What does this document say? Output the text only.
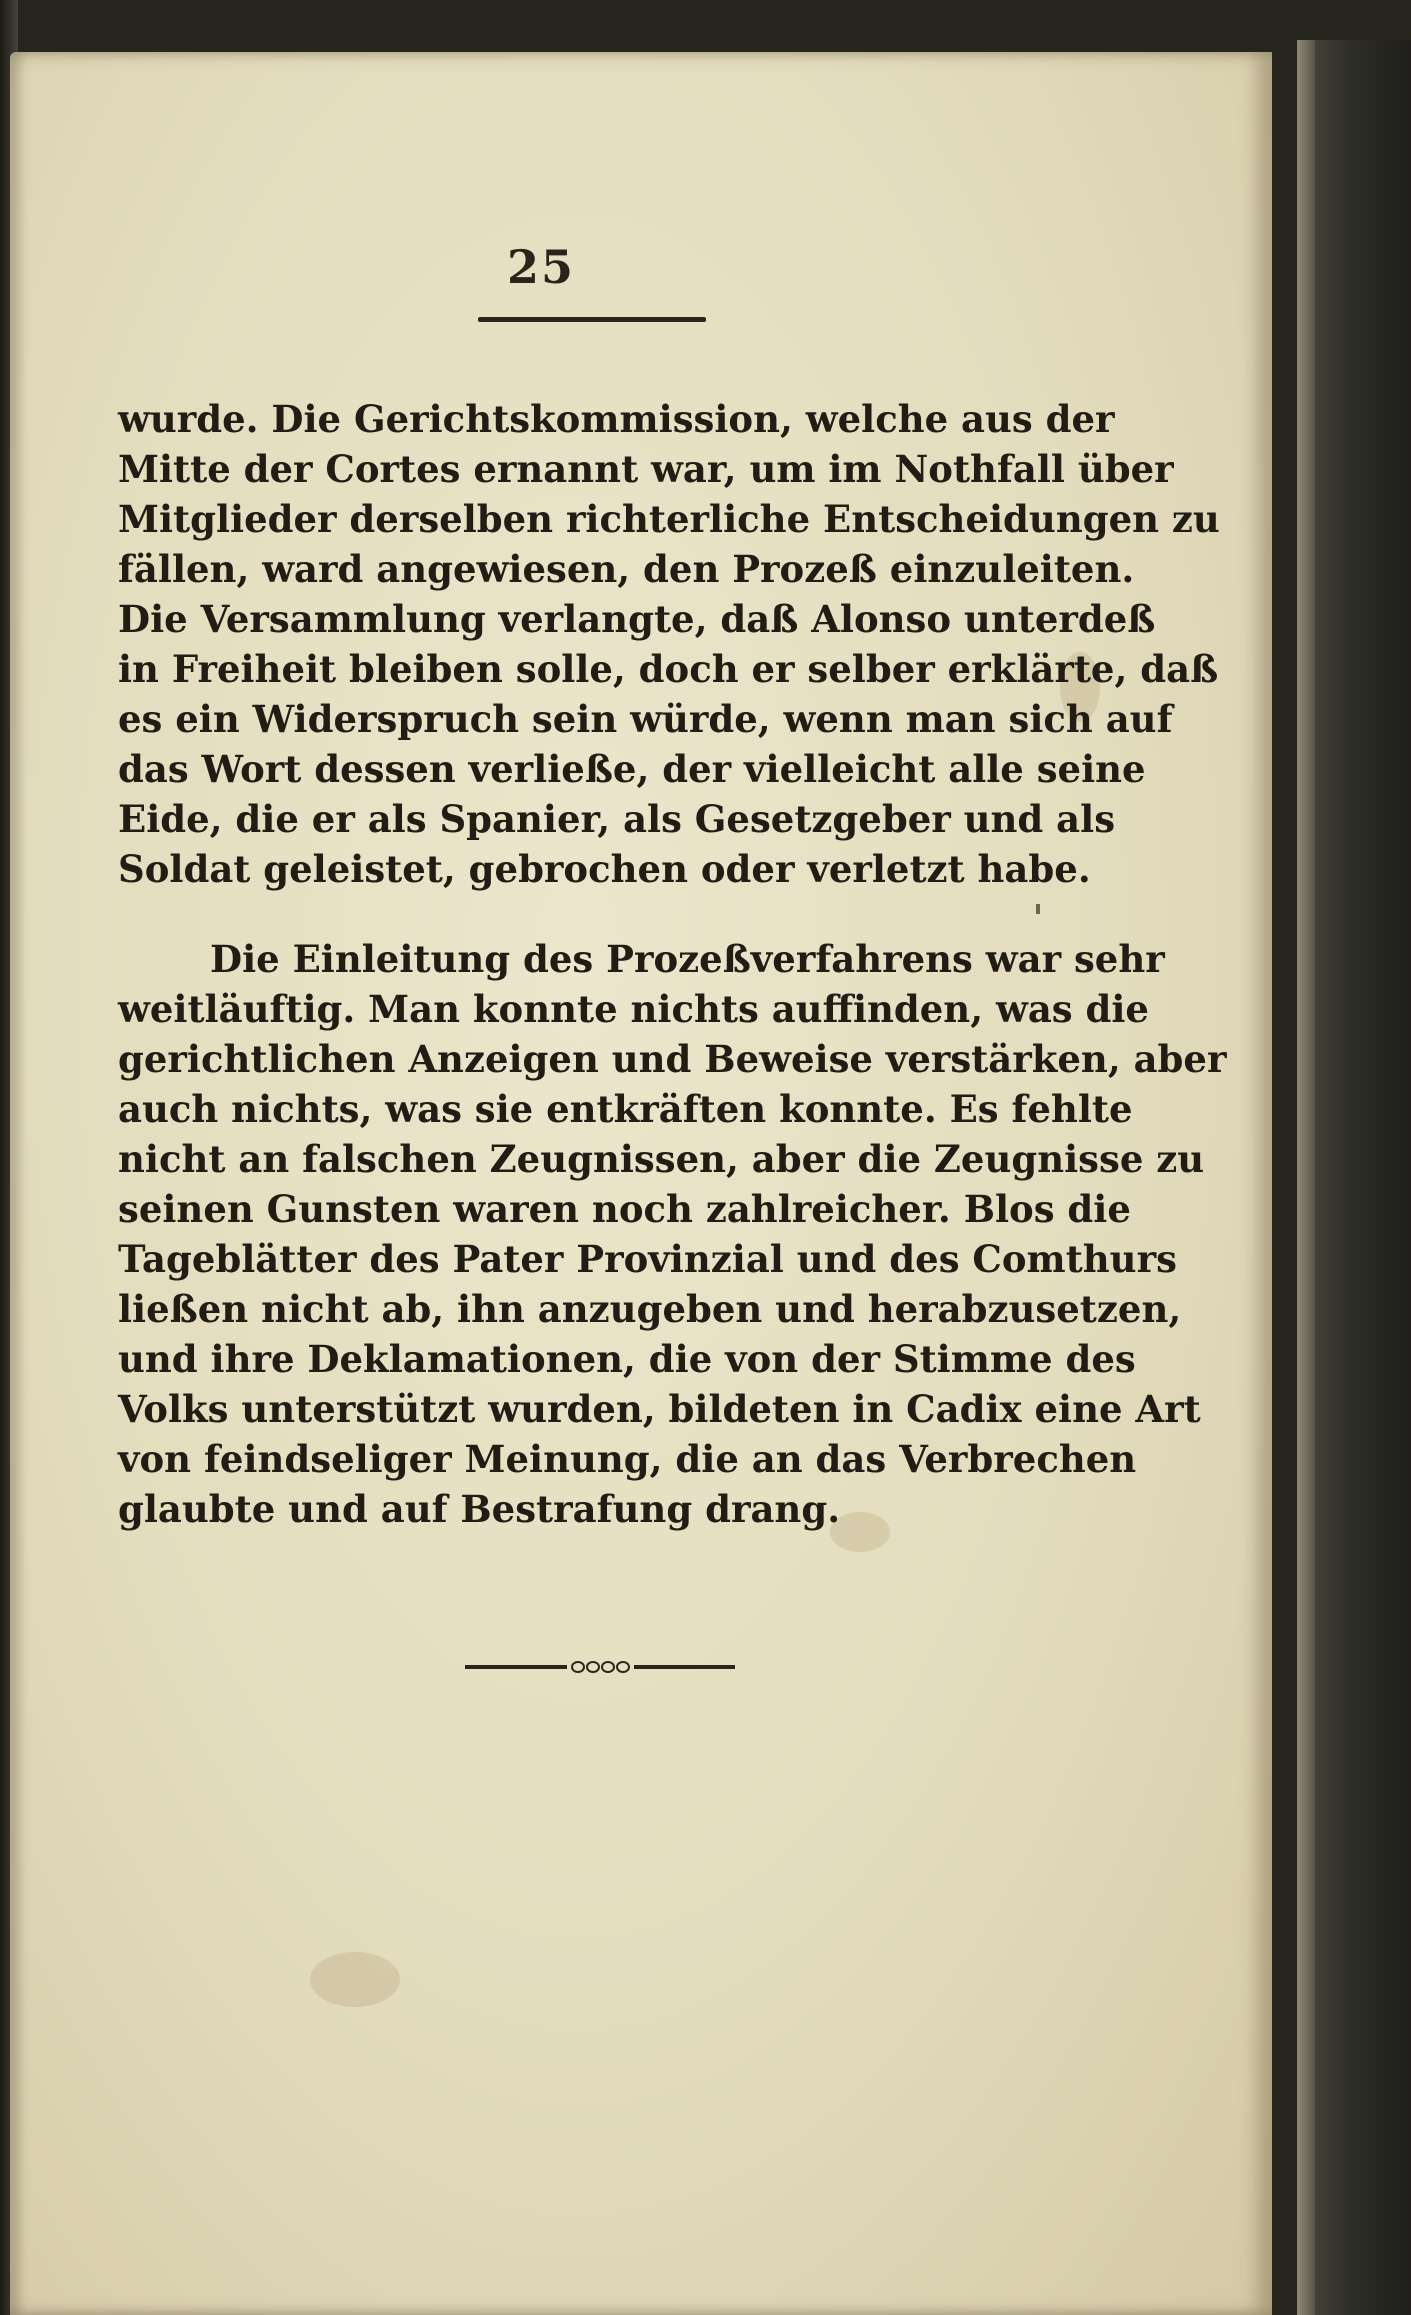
25
wurde. Die Gerichtskommission, welche aus der
Mitte der Cortes ernannt war, um im Nothfall über
Mitglieder derselben richterliche Entscheidungen zu
fällen, ward angewiesen, den Prozeß einzuleiten.
Die Versammlung verlangte, daß Alonso unterdeß
in Freiheit bleiben solle, doch er selber erklärte, daß
es ein Widerspruch sein würde, wenn man sich auf
das Wort dessen verließe, der vielleicht alle seine
Eide, die er als Spanier, als Gesetzgeber und als
Soldat geleistet, gebrochen oder verletzt habe.
Die Einleitung des Prozeßverfahrens war sehr
weitläuftig. Man konnte nichts auffinden, was die
gerichtlichen Anzeigen und Beweise verstärken, aber
auch nichts, was sie entkräften konnte. Es fehlte
nicht an falschen Zeugnissen, aber die Zeugnisse zu
seinen Gunsten waren noch zahlreicher. Blos die
Tageblätter des Pater Provinzial und des Comthurs
ließen nicht ab, ihn anzugeben und herabzusetzen,
und ihre Deklamationen, die von der Stimme des
Volks unterstützt wurden, bildeten in Cadix eine Art
von feindseliger Meinung, die an das Verbrechen
glaubte und auf Bestrafung drang.
